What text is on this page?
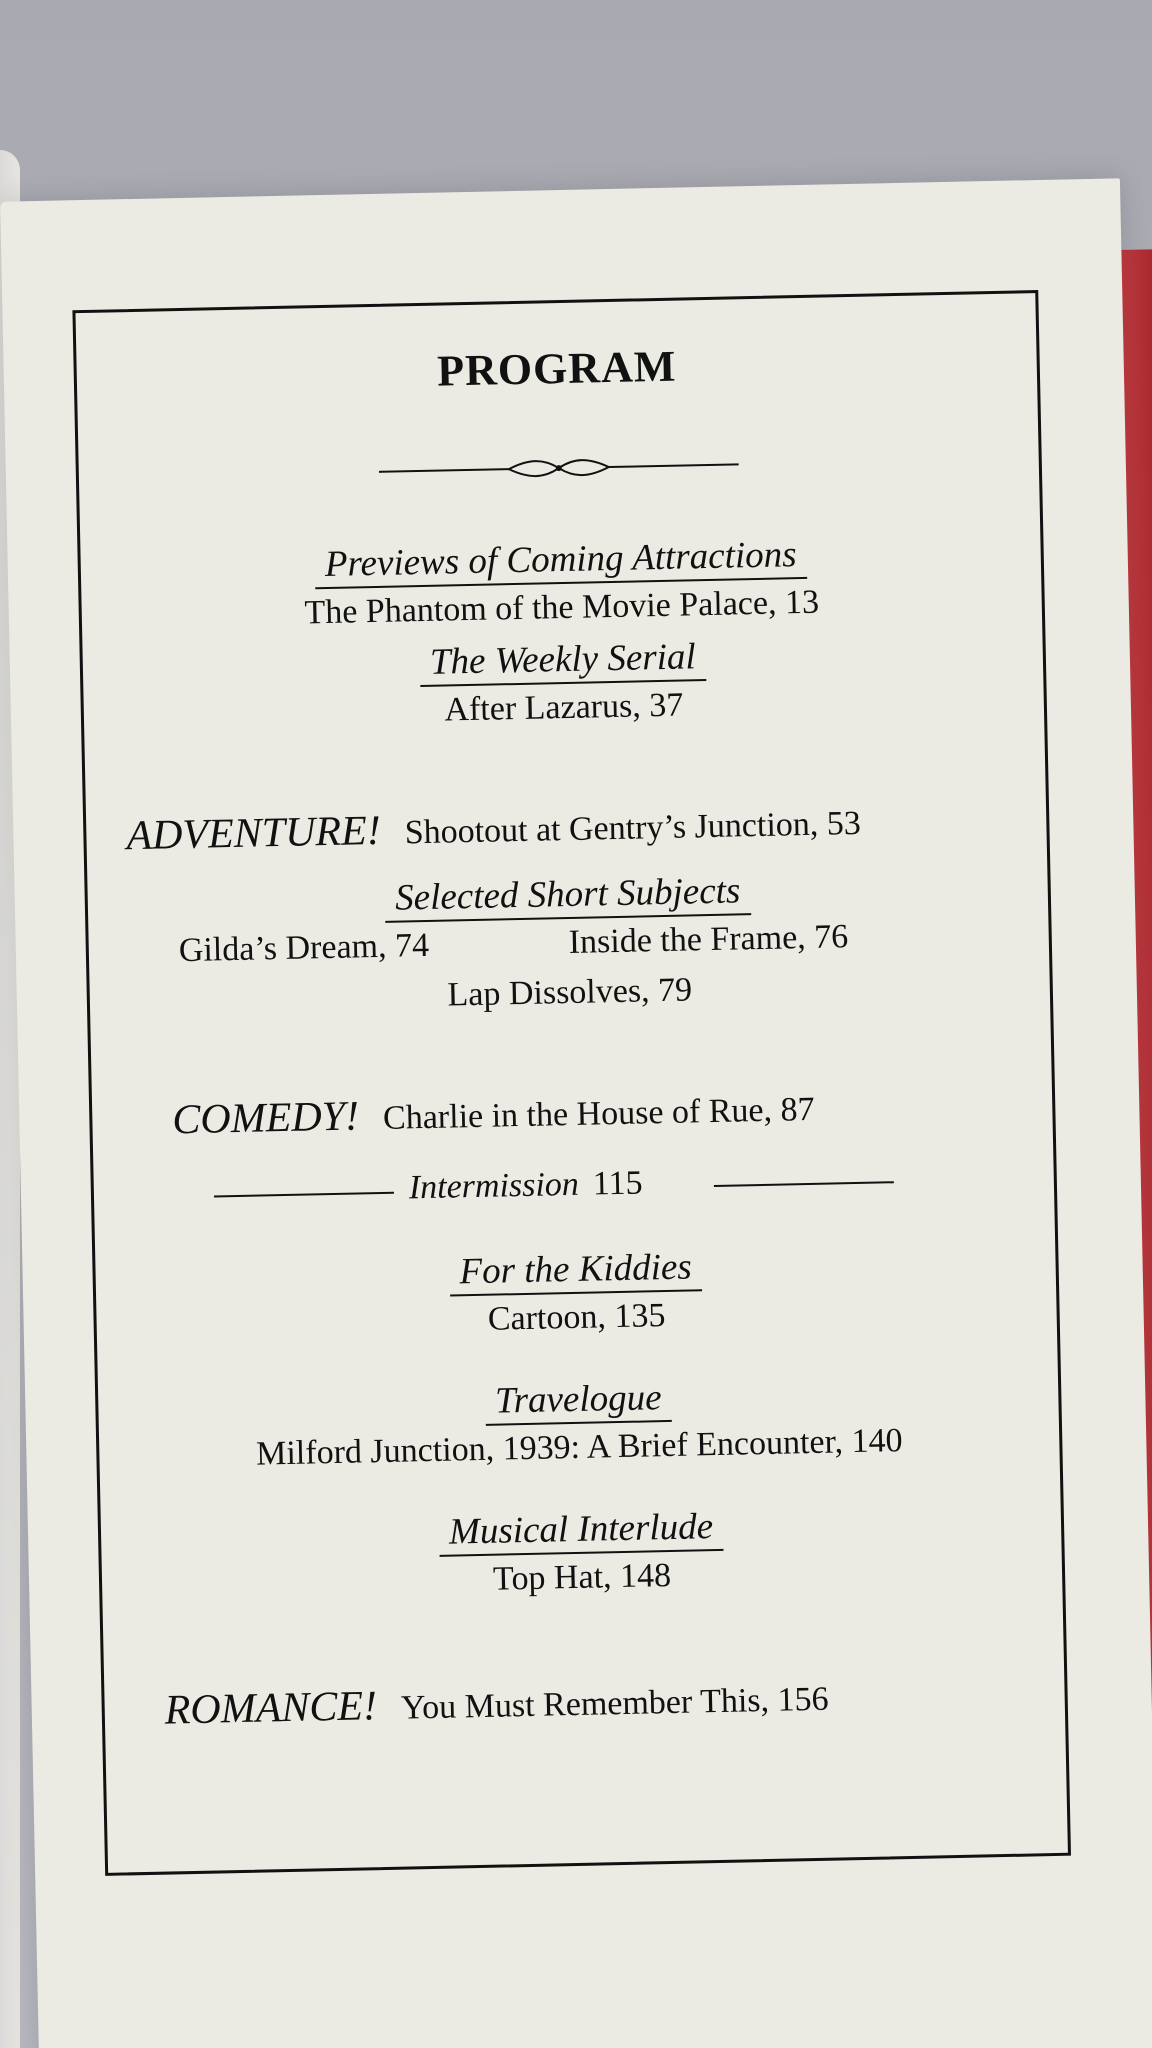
PROGRAM
Previews of Coming Attractions
The Phantom of the Movie Palace, 13
The Weekly Serial
After Lazarus, 37
ADVENTURE! Shootout at Gentry’s Junction, 53
Selected Short Subjects
Gilda’s Dream, 74	Inside the Frame, 76
Lap Dissolves, 79
COMEDY! Charlie in the House of Rue, 87
Intermission 115
For the Kiddies
Cartoon, 135
Travelogue
Milford Junction, 1939: A Brief Encounter, 140
Musical Interlude
Top Hat, 148
ROMANCE! You Must Remember This, 156
